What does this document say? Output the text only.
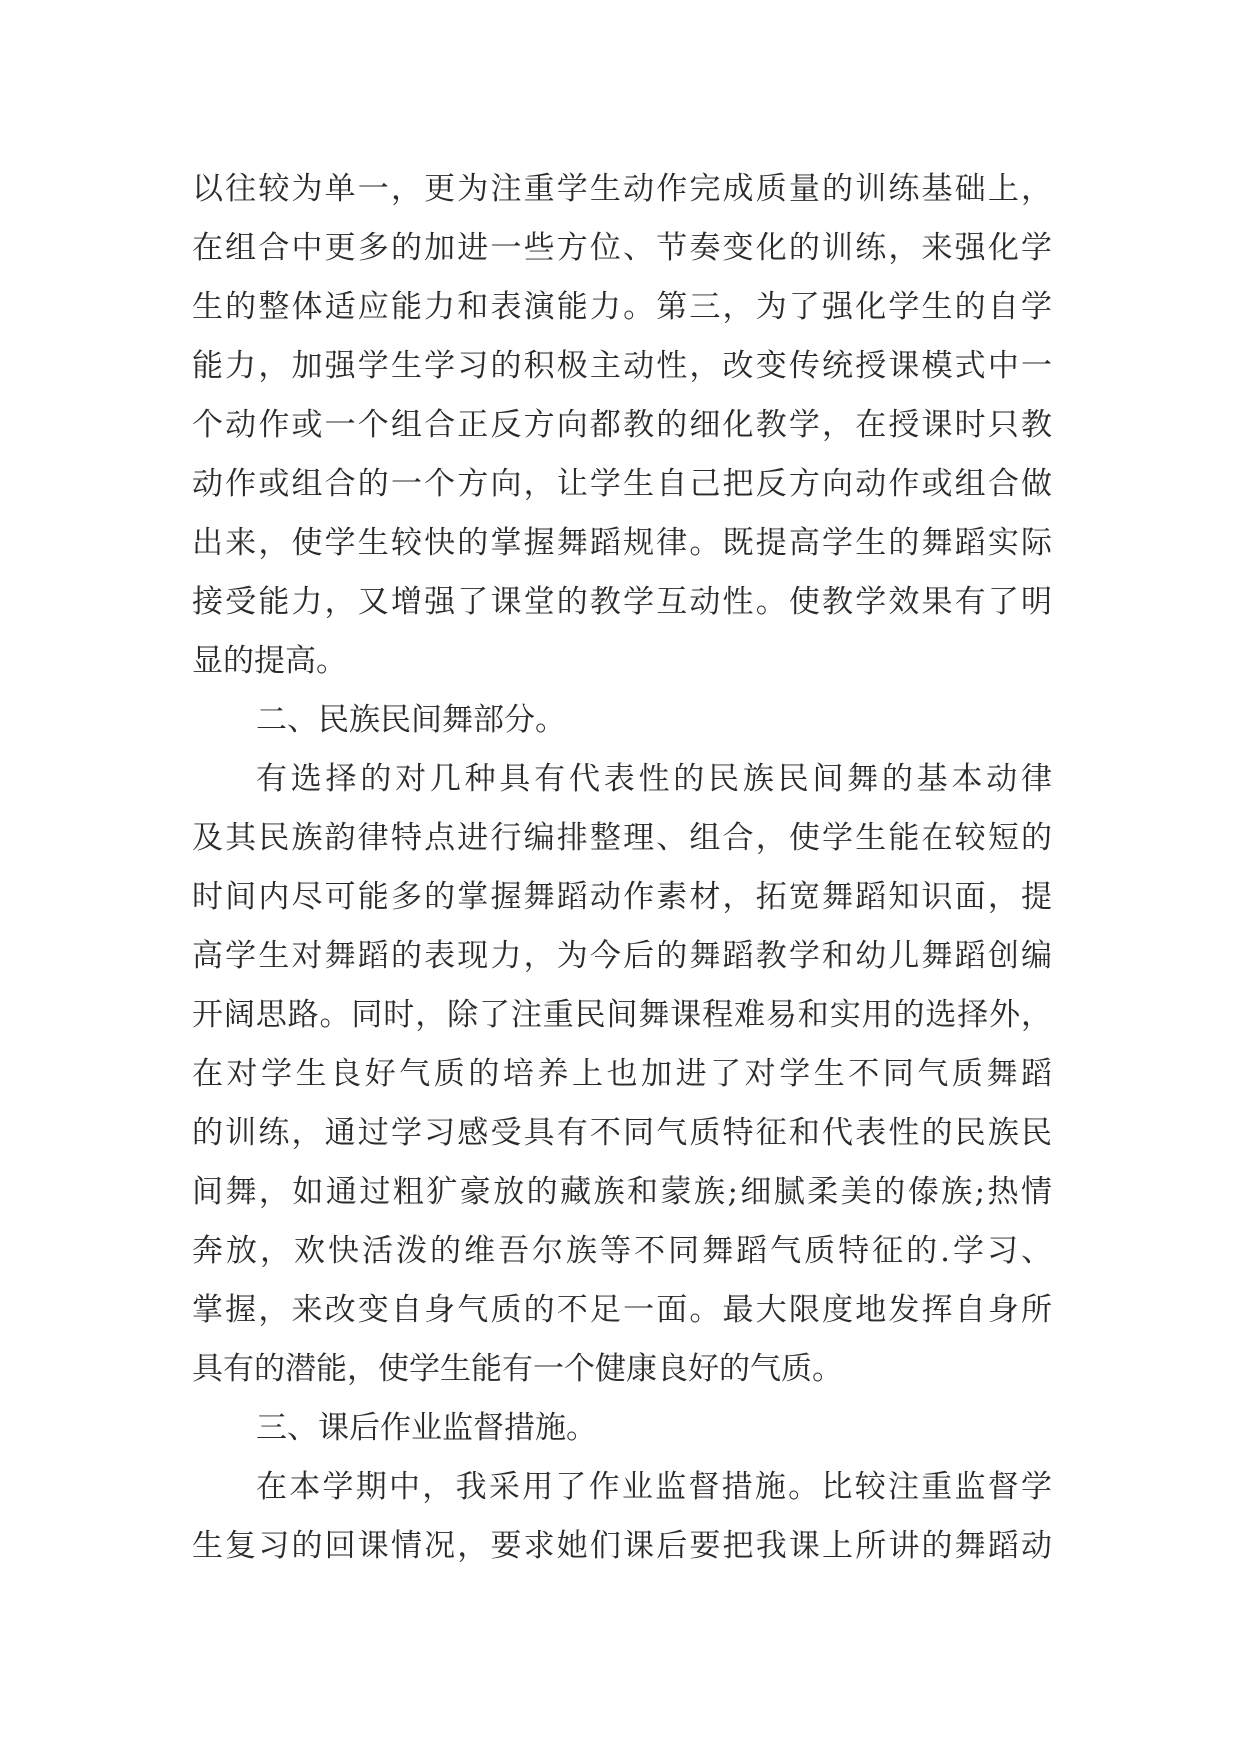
以往较为单一，更为注重学生动作完成质量的训练基础上，
在组合中更多的加进一些方位、节奏变化的训练，来强化学
生的整体适应能力和表演能力。第三，为了强化学生的自学
能力，加强学生学习的积极主动性，改变传统授课模式中一
个动作或一个组合正反方向都教的细化教学，在授课时只教
动作或组合的一个方向，让学生自己把反方向动作或组合做
出来，使学生较快的掌握舞蹈规律。既提高学生的舞蹈实际
接受能力，又增强了课堂的教学互动性。使教学效果有了明
显的提高。
二、民族民间舞部分。
有选择的对几种具有代表性的民族民间舞的基本动律
及其民族韵律特点进行编排整理、组合，使学生能在较短的
时间内尽可能多的掌握舞蹈动作素材，拓宽舞蹈知识面，提
高学生对舞蹈的表现力，为今后的舞蹈教学和幼儿舞蹈创编
开阔思路。同时，除了注重民间舞课程难易和实用的选择外，
在对学生良好气质的培养上也加进了对学生不同气质舞蹈
的训练，通过学习感受具有不同气质特征和代表性的民族民
间舞，如通过粗犷豪放的藏族和蒙族;细腻柔美的傣族;热情
奔放，欢快活泼的维吾尔族等不同舞蹈气质特征的.学习、
掌握，来改变自身气质的不足一面。最大限度地发挥自身所
具有的潜能，使学生能有一个健康良好的气质。
三、课后作业监督措施。
在本学期中，我采用了作业监督措施。比较注重监督学
生复习的回课情况，要求她们课后要把我课上所讲的舞蹈动
